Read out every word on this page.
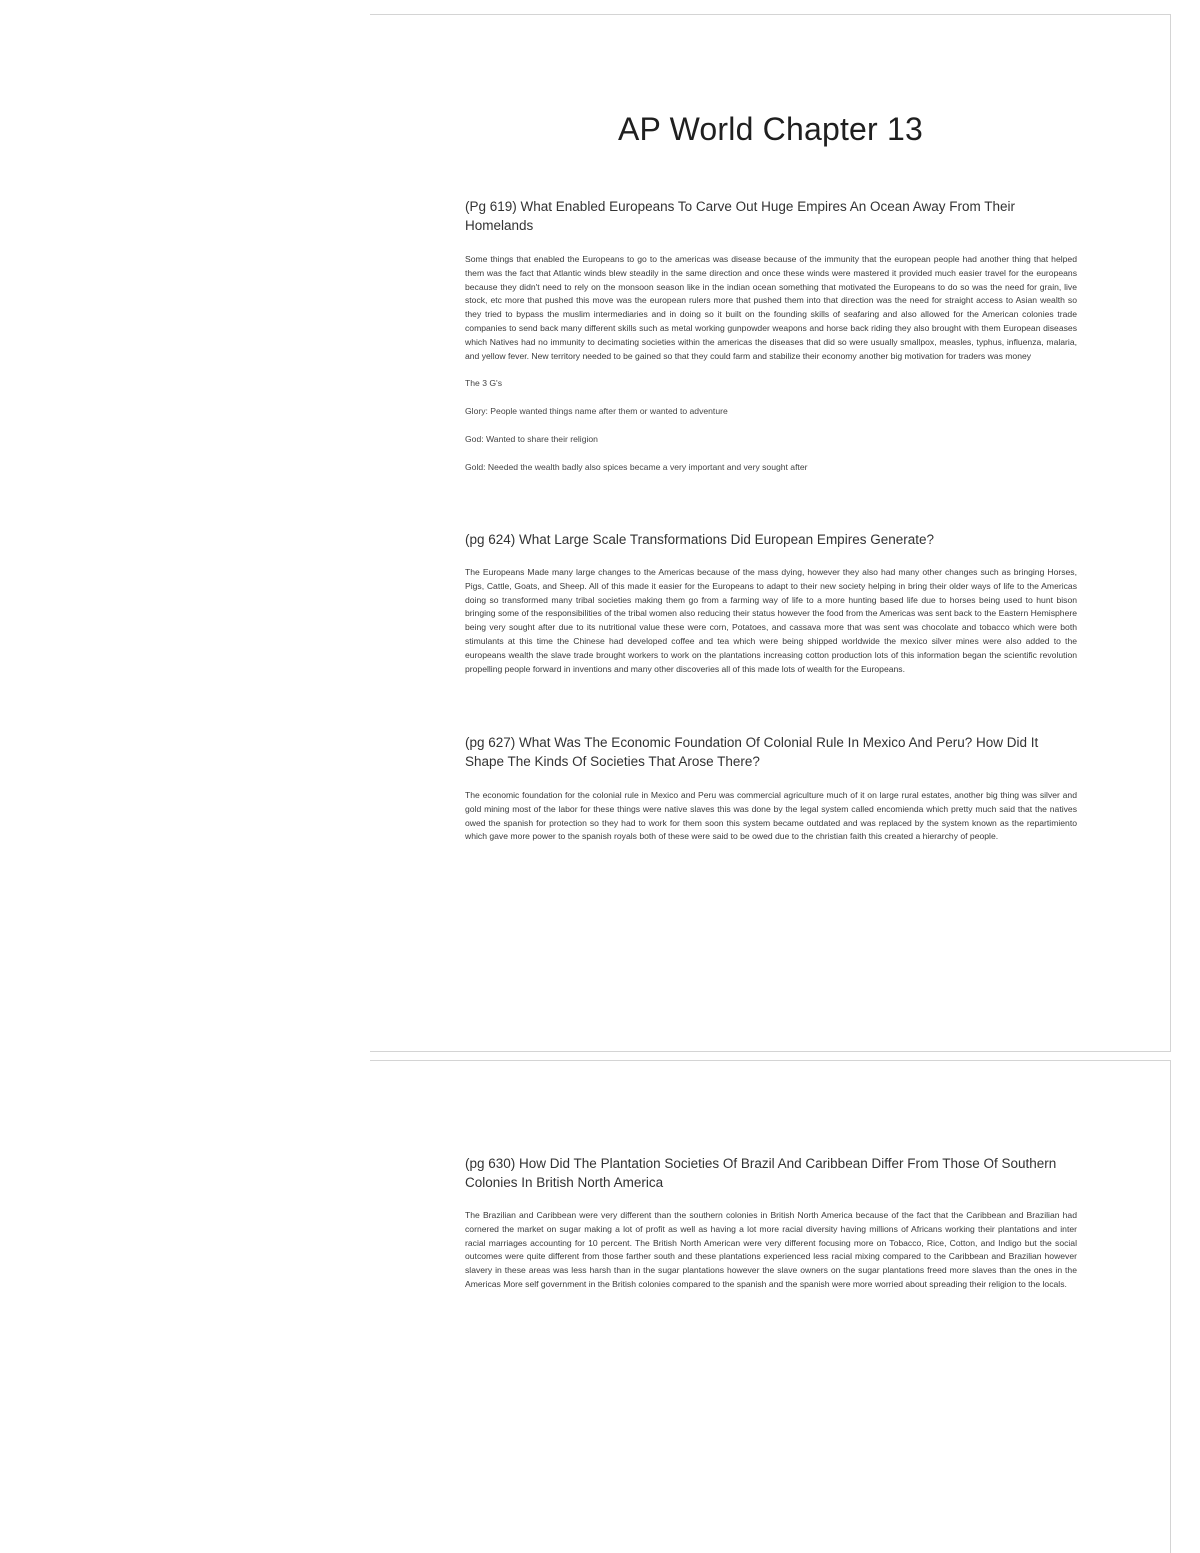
AP World Chapter 13
(Pg 619) What Enabled Europeans To Carve Out Huge Empires An Ocean Away From Their Homelands

Some things that enabled the Europeans to go to the americas was disease because of the immunity that the european people had another thing that helped them was the fact that Atlantic winds blew steadily in the same direction and once these winds were mastered it provided much easier travel for the europeans because they didn't need to rely on the monsoon season like in the indian ocean something that motivated the Europeans to do so was the need for grain, live stock, etc more that pushed this move was the european rulers more that pushed them into that direction was the need for straight access to Asian wealth so they tried to bypass the muslim intermediaries and in doing so it built on the founding skills of seafaring and also allowed for the American colonies trade companies to send back many different skills such as metal working gunpowder weapons and horse back riding they also brought with them European diseases which Natives had no immunity to decimating societies within the americas the diseases that did so were usually smallpox, measles, typhus, influenza, malaria, and yellow fever. New territory needed to be gained so that they could farm and stabilize their economy another big motivation for traders was money

The 3 G's

Glory: People wanted things name after them or wanted to adventure

God: Wanted to share their religion

Gold: Needed the wealth badly also spices became a very important and very sought after

(pg 624) What Large Scale Transformations Did European Empires Generate?

The Europeans Made many large changes to the Americas because of the mass dying, however they also had many other changes such as bringing Horses, Pigs, Cattle, Goats, and Sheep. All of this made it easier for the Europeans to adapt to their new society helping in bring their older ways of life to the Americas doing so transformed many tribal societies making them go from a farming way of life to a more hunting based life due to horses being used to hunt bison bringing some of the responsibilities of the tribal women also reducing their status however the food from the Americas was sent back to the Eastern Hemisphere being very sought after due to its nutritional value these were corn, Potatoes, and cassava more that was sent was chocolate and tobacco which were both stimulants at this time the Chinese had developed coffee and tea which were being shipped worldwide the mexico silver mines were also added to the europeans wealth the slave trade brought workers to work on the plantations increasing cotton production lots of this information began the scientific revolution propelling people forward in inventions and many other discoveries all of this made lots of wealth for the Europeans.

(pg 627) What Was The Economic Foundation Of Colonial Rule In Mexico And Peru? How Did It Shape The Kinds Of Societies That Arose There?

The economic foundation for the colonial rule in Mexico and Peru was commercial agriculture much of it on large rural estates, another big thing was silver and gold mining most of the labor for these things were native slaves this was done by the legal system called encomienda which pretty much said that the natives owed the spanish for protection so they had to work for them soon this system became outdated and was replaced by the system known as the repartimiento which gave more power to the spanish royals both of these were said to be owed due to the christian faith this created a hierarchy of people.

(pg 630) How Did The Plantation Societies Of Brazil And Caribbean Differ From Those Of Southern Colonies In British North America

The Brazilian and Caribbean were very different than the southern colonies in British North America because of the fact that the Caribbean and Brazilian had cornered the market on sugar making a lot of profit as well as having a lot more racial diversity having millions of Africans working their plantations and inter racial marriages accounting for 10 percent. The British North American were very different focusing more on Tobacco, Rice, Cotton, and Indigo but the social outcomes were quite different from those farther south and these plantations experienced less racial mixing compared to the Caribbean and Brazilian however slavery in these areas was less harsh than in the sugar plantations however the slave owners on the sugar plantations freed more slaves than the ones in the Americas More self government in the British colonies compared to the spanish and the spanish were more worried about spreading their religion to the locals.
